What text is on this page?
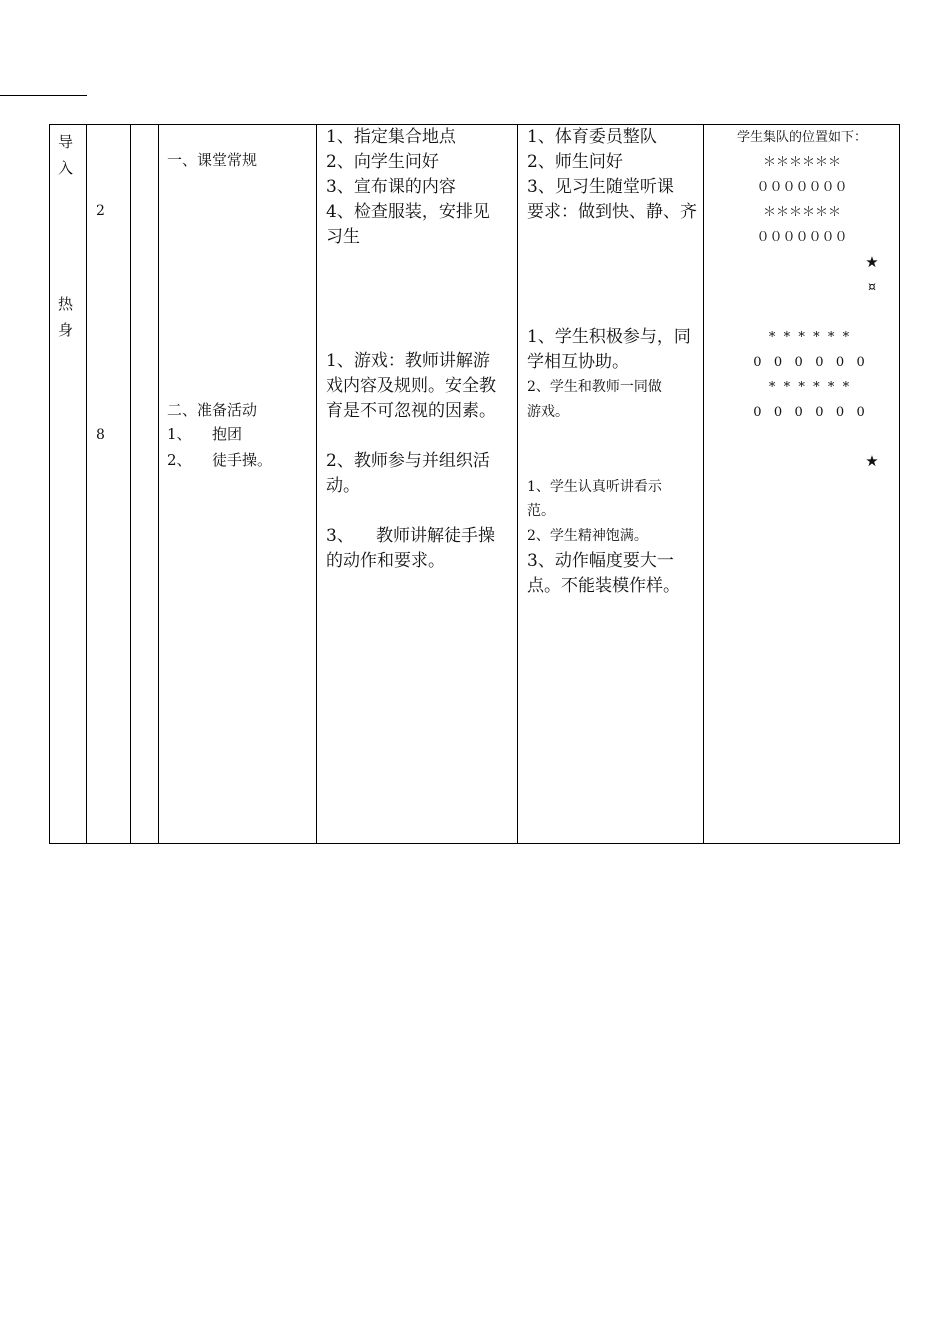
导
入
热
身
2
8
一、课堂常规
二、准备活动
1、 抱团
2、 徒手操。
1、指定集合地点
2、向学生问好
3、宣布课的内容
4、检查服装，安排见
习生
1、游戏：教师讲解游
戏内容及规则。安全教
育是不可忽视的因素。
2、教师参与并组织活
动。
3、 教师讲解徒手操
的动作和要求。
1、体育委员整队
2、师生问好
3、见习生随堂听课
要求：做到快、静、齐
1、学生积极参与，同
学相互协助。
2、学生和教师一同做
游戏。
1、学生认真听讲看示
范。
2、学生精神饱满。
3、动作幅度要大一
点。不能装模作样。
学生集队的位置如下：
＊＊＊＊＊＊
０００００００
＊＊＊＊＊＊
０００００００
★
¤
*  *  *  *  *  *
0   0   0   0   0   0
*  *  *  *  *  *
0   0   0   0   0   0
★
